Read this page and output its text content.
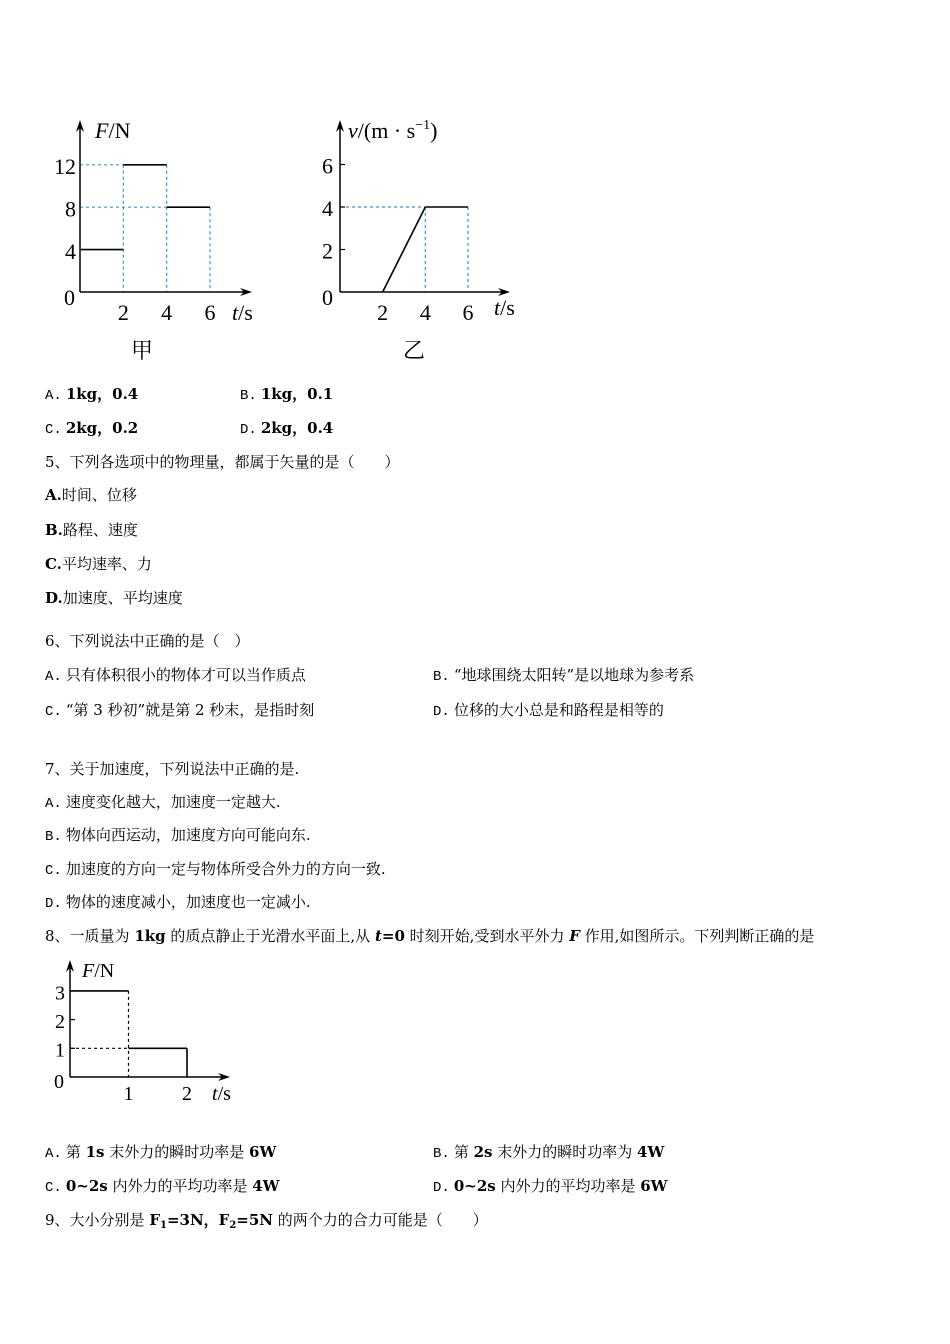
12
8
4
2 4 6
0
F/N
t/s
6
4
2
2 4 6
0
$v/(m \cdot s^{-1})$
t/s
甲	乙
A. 1kg，0.4	B. 1kg，0.1
C. 2kg，0.2	D. 2kg，0.4
5、下列各选项中的物理量，都属于矢量的是（　　）
A.时间、位移
B.路程、速度
C.平均速率、力
D.加速度、平均速度
6、下列说法中正确的是（　）
A. 只有体积很小的物体才可以当作质点	B. “地球围绕太阳转”是以地球为参考系
C. “第 3 秒初”就是第 2 秒末，是指时刻	D. 位移的大小总是和路程是相等的
7、关于加速度，下列说法中正确的是.
A. 速度变化越大，加速度一定越大.
B. 物体向西运动，加速度方向可能向东.
C. 加速度的方向一定与物体所受合外力的方向一致.
D. 物体的速度减小，加速度也一定减小.
8、一质量为 1kg 的质点静止于光滑水平面上,从 t=0 时刻开始,受到水平外力 F 作用,如图所示。下列判断正确的是
3
2
1
1 2
0
F/N
t/s
A. 第 1s 末外力的瞬时功率是 6W	B. 第 2s 末外力的瞬时功率为 4W
C. 0~2s 内外力的平均功率是 4W	D. 0~2s 内外力的平均功率是 6W
9、大小分别是 $F_1=3N$，$F_2=5N$ 的两个力的合力可能是（　　）
